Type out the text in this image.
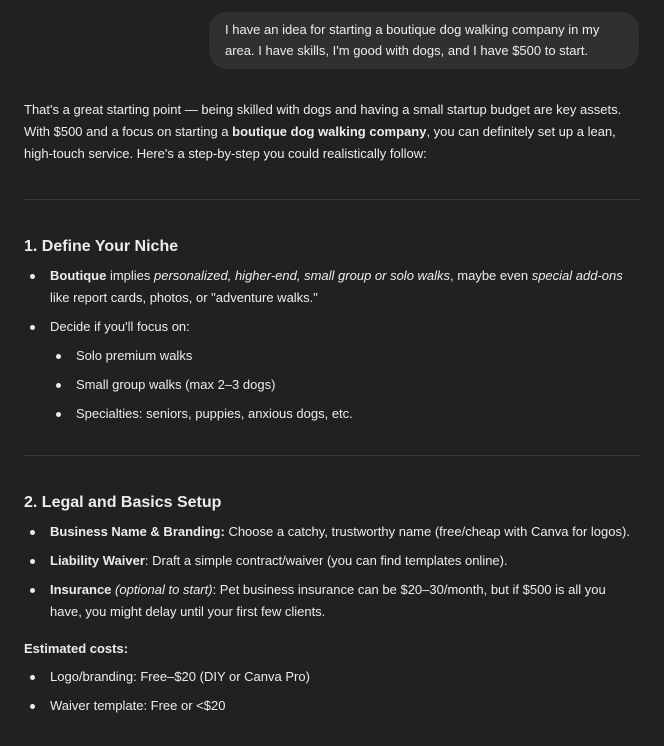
I have an idea for starting a boutique dog walking company in my area. I have skills, I'm good with dogs, and I have $500 to start.

That's a great starting point — being skilled with dogs and having a small startup budget are key assets. With $500 and a focus on starting a boutique dog walking company, you can definitely set up a lean, high-touch service. Here's a step-by-step you could realistically follow:

1. Define Your Niche
Boutique implies personalized, higher-end, small group or solo walks, maybe even special add-ons like report cards, photos, or "adventure walks."
Decide if you'll focus on:
Solo premium walks
Small group walks (max 2–3 dogs)
Specialties: seniors, puppies, anxious dogs, etc.
2. Legal and Basics Setup
Business Name & Branding: Choose a catchy, trustworthy name (free/cheap with Canva for logos).
Liability Waiver: Draft a simple contract/waiver (you can find templates online).
Insurance (optional to start): Pet business insurance can be $20–30/month, but if $500 is all you have, you might delay until your first few clients.
Estimated costs:
Logo/branding: Free–$20 (DIY or Canva Pro)
Waiver template: Free or <$20
